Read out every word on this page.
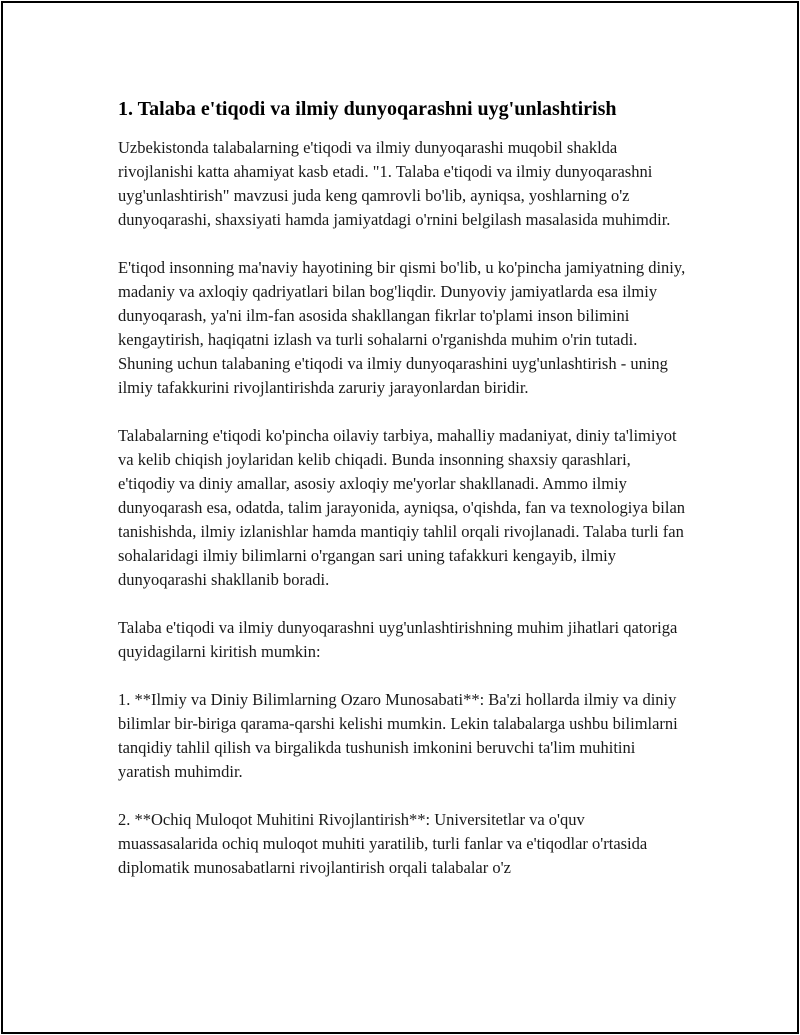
1. Talaba e'tiqodi va ilmiy dunyoqarashni uyg'unlashtirish

Uzbekistonda talabalarning e'tiqodi va ilmiy dunyoqarashi muqobil shaklda rivojlanishi katta ahamiyat kasb etadi. "1. Talaba e'tiqodi va ilmiy dunyoqarashni uyg'unlashtirish" mavzusi juda keng qamrovli bo'lib, ayniqsa, yoshlarning o'z dunyoqarashi, shaxsiyati hamda jamiyatdagi o'rnini belgilash masalasida muhimdir.

E'tiqod insonning ma'naviy hayotining bir qismi bo'lib, u ko'pincha jamiyatning diniy, madaniy va axloqiy qadriyatlari bilan bog'liqdir. Dunyoviy jamiyatlarda esa ilmiy dunyoqarash, ya'ni ilm-fan asosida shakllangan fikrlar to'plami inson bilimini kengaytirish, haqiqatni izlash va turli sohalarni o'rganishda muhim o'rin tutadi. Shuning uchun talabaning e'tiqodi va ilmiy dunyoqarashini uyg'unlashtirish - uning ilmiy tafakkurini rivojlantirishda zaruriy jarayonlardan biridir.

Talabalarning e'tiqodi ko'pincha oilaviy tarbiya, mahalliy madaniyat, diniy ta'limiyot va kelib chiqish joylaridan kelib chiqadi. Bunda insonning shaxsiy qarashlari, e'tiqodiy va diniy amallar, asosiy axloqiy me'yorlar shakllanadi. Ammo ilmiy dunyoqarash esa, odatda, talim jarayonida, ayniqsa, o'qishda, fan va texnologiya bilan tanishishda, ilmiy izlanishlar hamda mantiqiy tahlil orqali rivojlanadi. Talaba turli fan sohalaridagi ilmiy bilimlarni o'rgangan sari uning tafakkuri kengayib, ilmiy dunyoqarashi shakllanib boradi.

Talaba e'tiqodi va ilmiy dunyoqarashni uyg'unlashtirishning muhim jihatlari qatoriga quyidagilarni kiritish mumkin:

1. **Ilmiy va Diniy Bilimlarning Ozaro Munosabati**: Ba'zi hollarda ilmiy va diniy bilimlar bir-biriga qarama-qarshi kelishi mumkin. Lekin talabalarga ushbu bilimlarni tanqidiy tahlil qilish va birgalikda tushunish imkonini beruvchi ta'lim muhitini yaratish muhimdir.

2. **Ochiq Muloqot Muhitini Rivojlantirish**: Universitetlar va o'quv muassasalarida ochiq muloqot muhiti yaratilib, turli fanlar va e'tiqodlar o'rtasida diplomatik munosabatlarni rivojlantirish orqali talabalar o'z
